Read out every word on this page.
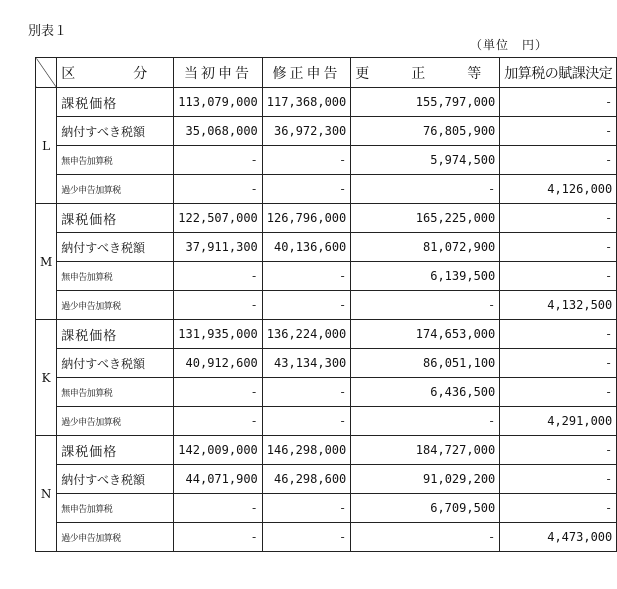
別表１
（単位　円）
	区　分	当初申告	修正申告	更　正　等	加算税の賦課決定
L	課税価格	113,079,000	117,368,000	155,797,000	-
	納付すべき税額	35,068,000	36,972,300	76,805,900	-
	無申告加算税	-	-	5,974,500	-
	過少申告加算税	-	-	-	4,126,000
M	課税価格	122,507,000	126,796,000	165,225,000	-
	納付すべき税額	37,911,300	40,136,600	81,072,900	-
	無申告加算税	-	-	6,139,500	-
	過少申告加算税	-	-	-	4,132,500
K	課税価格	131,935,000	136,224,000	174,653,000	-
	納付すべき税額	40,912,600	43,134,300	86,051,100	-
	無申告加算税	-	-	6,436,500	-
	過少申告加算税	-	-	-	4,291,000
N	課税価格	142,009,000	146,298,000	184,727,000	-
	納付すべき税額	44,071,900	46,298,600	91,029,200	-
	無申告加算税	-	-	6,709,500	-
	過少申告加算税	-	-	-	4,473,000
